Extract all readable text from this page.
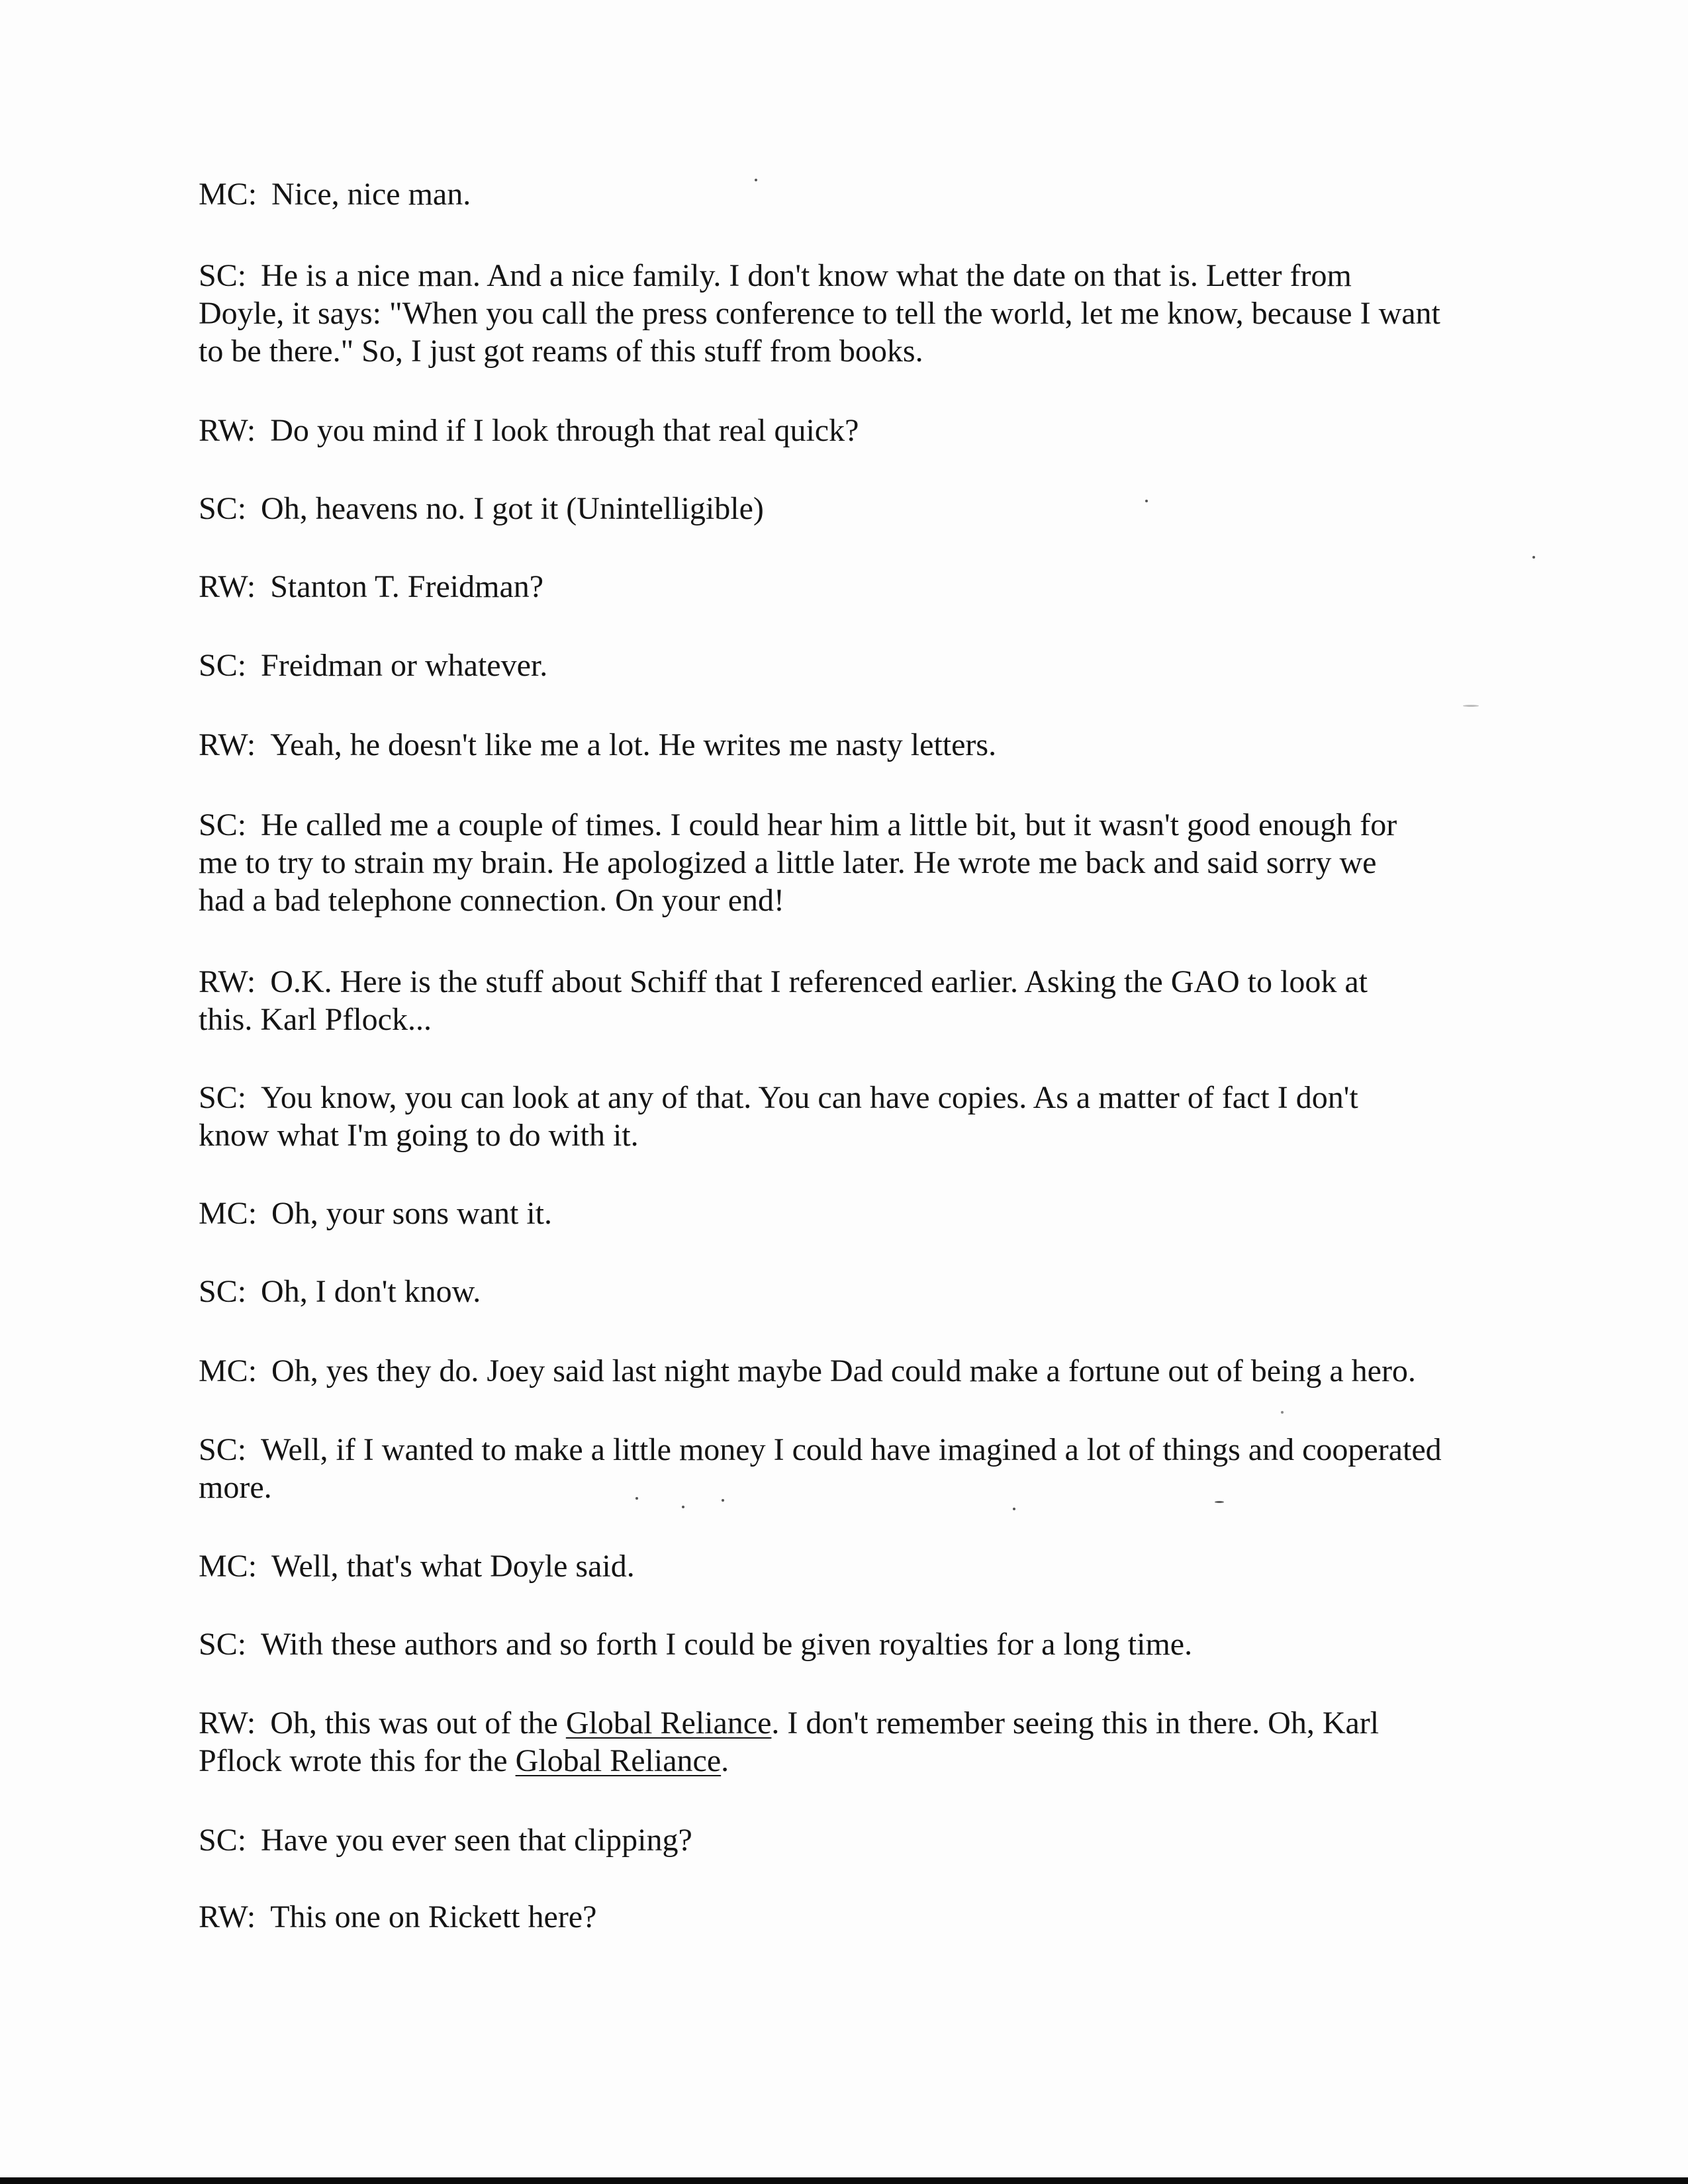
MC: Nice, nice man.

SC: He is a nice man. And a nice family. I don't know what the date on that is. Letter from
Doyle, it says: "When you call the press conference to tell the world, let me know, because I want
to be there." So, I just got reams of this stuff from books.

RW: Do you mind if I look through that real quick?

SC: Oh, heavens no. I got it (Unintelligible)

RW: Stanton T. Freidman?

SC: Freidman or whatever.

RW: Yeah, he doesn't like me a lot. He writes me nasty letters.

SC: He called me a couple of times. I could hear him a little bit, but it wasn't good enough for
me to try to strain my brain. He apologized a little later. He wrote me back and said sorry we
had a bad telephone connection. On your end!

RW: O.K. Here is the stuff about Schiff that I referenced earlier. Asking the GAO to look at
this. Karl Pflock...

SC: You know, you can look at any of that. You can have copies. As a matter of fact I don't
know what I'm going to do with it.

MC: Oh, your sons want it.

SC: Oh, I don't know.

MC: Oh, yes they do. Joey said last night maybe Dad could make a fortune out of being a hero.

SC: Well, if I wanted to make a little money I could have imagined a lot of things and cooperated
more.

MC: Well, that's what Doyle said.

SC: With these authors and so forth I could be given royalties for a long time.

RW: Oh, this was out of the Global Reliance. I don't remember seeing this in there. Oh, Karl
Pflock wrote this for the Global Reliance.

SC: Have you ever seen that clipping?

RW: This one on Rickett here?
